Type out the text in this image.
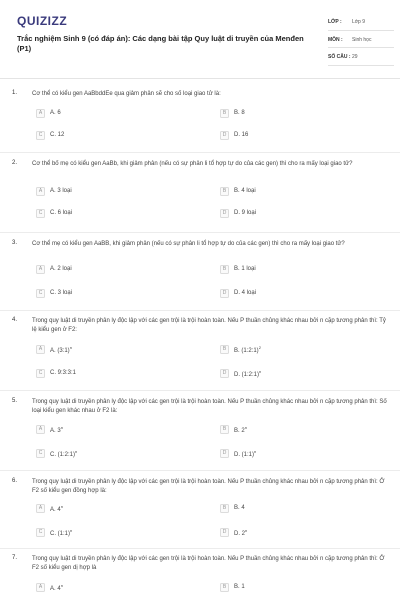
QUIZIZZ
Trắc nghiệm Sinh 9 (có đáp án): Các dạng bài tập Quy luật di truyền của Menđen (P1)
LỚP :	Lớp 9
MÔN :	Sinh học
SỐ CÂU : 29
1. Cơ thể có kiểu gen AaBbddEe qua giảm phân sẽ cho số loại giao tử là:
A	A. 6	B	B. 8
C	C. 12	D	D. 16
2. Cơ thể bố mẹ có kiểu gen AaBb, khi giảm phân (nếu có sự phân li tổ hợp tự do của các gen) thì cho ra mấy loại giao tử?
A	A. 3 loại	B	B. 4 loại
C	C. 6 loại	D	D. 9 loại
3. Cơ thể mẹ có kiểu gen AaBB, khi giảm phân (nếu có sự phân li tổ hợp tự do của các gen) thì cho ra mấy loại giao tử?
A	A. 2 loại	B	B. 1 loại
C	C. 3 loại	D	D. 4 loại
4. Trong quy luật di truyền phân ly độc lập với các gen trội là trội hoàn toàn. Nếu P thuần chủng khác nhau bởi n cặp tương phản thì: Tỷ lệ kiểu gen ở F2:
A	A. (3:1)$^n$	B	B. (1:2:1)$^2$
C	C. 9:3:3:1	D	D. (1:2:1)$^n$
5. Trong quy luật di truyền phân ly độc lập với các gen trội là trội hoàn toàn. Nếu P thuần chủng khác nhau bởi n cặp tương phản thì: Số loại kiểu gen khác nhau ở F2 là:
A	A. 3$^n$	B	B. 2$^n$
C	C. (1:2:1)$^n$	D	D. (1:1)$^n$
6. Trong quy luật di truyền phân ly độc lập với các gen trội là trội hoàn toàn. Nếu P thuần chủng khác nhau bởi n cặp tương phản thì: Ở F2 số kiểu gen đồng hợp là:
A	A. 4$^n$	B	B. 4
C	C. (1:1)$^n$	D	D. 2$^n$
7. Trong quy luật di truyền phân ly độc lập với các gen trội là trội hoàn toàn. Nếu P thuần chủng khác nhau bởi n cặp tương phản thì: Ở F2 số kiểu gen dị hợp là
A	A. 4$^n$	B	B. 1
